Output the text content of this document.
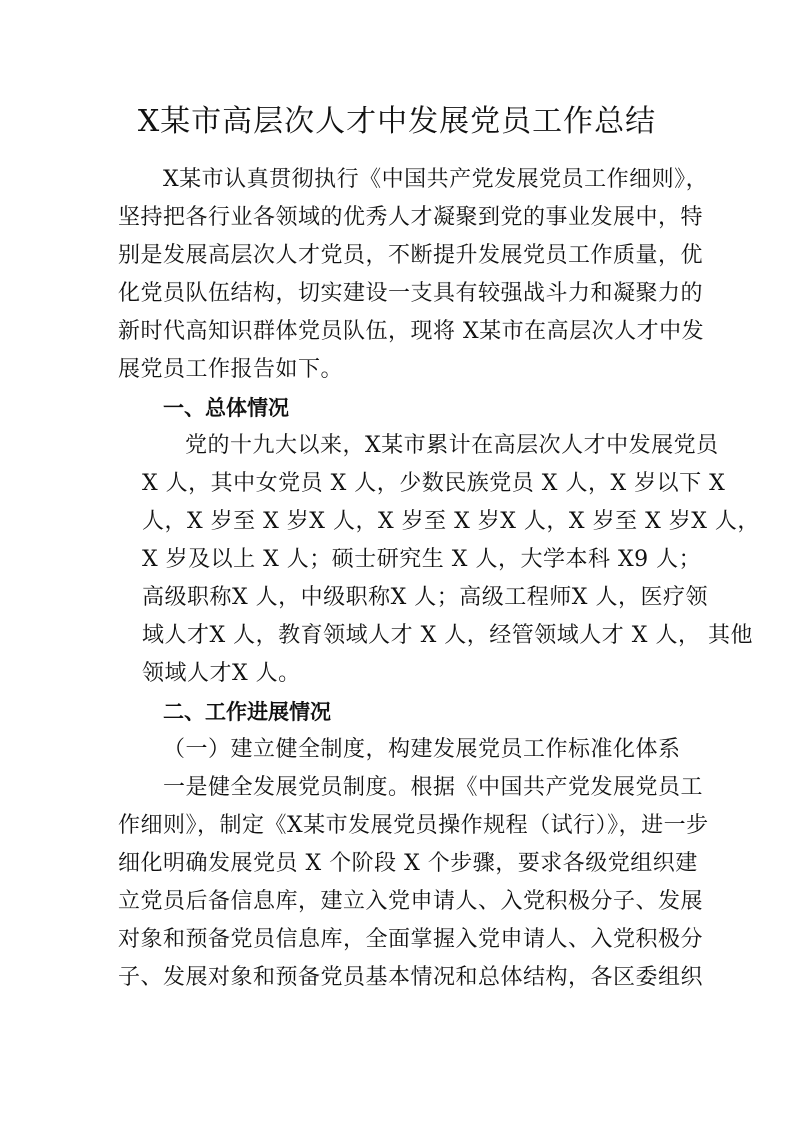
X某市高层次人才中发展党员工作总结
X某市认真贯彻执行《中国共产党发展党员工作细则》，
坚持把各行业各领域的优秀人才凝聚到党的事业发展中，特
别是发展高层次人才党员，不断提升发展党员工作质量，优
化党员队伍结构，切实建设一支具有较强战斗力和凝聚力的
新时代高知识群体党员队伍，现将 X某市在高层次人才中发
展党员工作报告如下。
一、总体情况
党的十九大以来，X某市累计在高层次人才中发展党员
X 人，其中女党员 X 人，少数民族党员 X 人，X 岁以下 X
人，X 岁至 X 岁X 人，X 岁至 X 岁X 人，X 岁至 X 岁X 人，
X 岁及以上 X 人；硕士研究生 X 人，大学本科 X9 人；
高级职称X 人，中级职称X 人；高级工程师X 人，医疗领
域人才X 人，教育领域人才 X 人，经管领域人才 X 人， 其他
领域人才X 人。
二、工作进展情况
（一）建立健全制度，构建发展党员工作标准化体系
一是健全发展党员制度。根据《中国共产党发展党员工
作细则》，制定《X某市发展党员操作规程（试行）》，进一步
细化明确发展党员 X 个阶段 X 个步骤，要求各级党组织建
立党员后备信息库，建立入党申请人、入党积极分子、发展
对象和预备党员信息库，全面掌握入党申请人、入党积极分
子、发展对象和预备党员基本情况和总体结构，各区委组织
